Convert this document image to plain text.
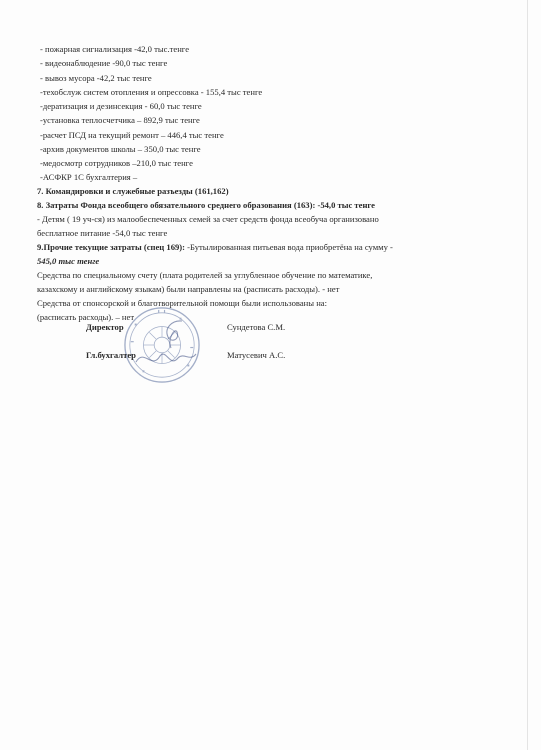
- пожарная сигнализация -42,0 тыс.тенге
- видеонаблюдение -90,0 тыс тенге
- вывоз мусора -42,2 тыс тенге
-техобслуж систем отопления и опрессовка - 155,4 тыс тенге
-дератизация и дезинсекция - 60,0 тыс тенге
-установка теплосчетчика – 892,9 тыс тенге
-расчет ПСД на текущий ремонт – 446,4 тыс тенге
-архив документов школы – 350,0 тыс тенге
-медосмотр сотрудников –210,0 тыс тенге
-АСФКР 1С бухгалтерия –
7. Командировки и служебные разъезды (161,162)
8. Затраты Фонда всеобщего обязательного среднего образования (163): -54,0 тыс тенге
- Детям ( 19 уч-ся) из малообеспеченных семей за счет средств фонда всеобуча организовано
бесплатное питание -54,0 тыс тенге
9.Прочие текущие затраты (спец 169): -Бутылированная питьевая вода приобретёна на сумму -
545,0 тыс тенге
Средства по специальному счету (плата родителей за углубленное обучение по математике,
казахскому и английскому языкам) были направлены на (расписать расходы). - нет
Средства от спонсорской и благотворительной помощи были использованы на:
(расписать расходы). – нет
Директор	Сундетова С.М.
Гл.бухгалтер	Матусевич А.С.
